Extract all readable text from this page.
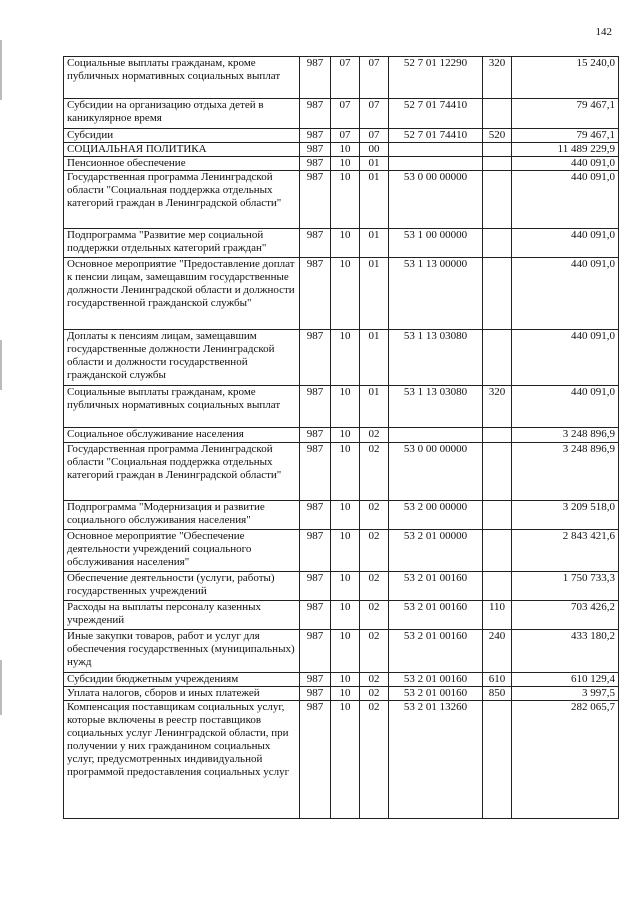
142
Социальные выплаты гражданам, кроме публичных нормативных социальных выплат	987	07	07	52 7 01 12290	320	15 240,0
Субсидии на организацию отдыха детей в каникулярное время	987	07	07	52 7 01 74410		79 467,1
Субсидии	987	07	07	52 7 01 74410	520	79 467,1
СОЦИАЛЬНАЯ ПОЛИТИКА	987	10	00			11 489 229,9
Пенсионное обеспечение	987	10	01			440 091,0
Государственная программа Ленинградской области "Социальная поддержка отдельных категорий граждан в Ленинградской области"	987	10	01	53 0 00 00000		440 091,0
Подпрограмма "Развитие мер социальной поддержки отдельных категорий граждан"	987	10	01	53 1 00 00000		440 091,0
Основное мероприятие "Предоставление доплат к пенсии лицам, замещавшим государственные должности Ленинградской области и должности государственной гражданской службы"	987	10	01	53 1 13 00000		440 091,0
Доплаты к пенсиям лицам, замещавшим государственные должности Ленинградской области и должности государственной гражданской службы	987	10	01	53 1 13 03080		440 091,0
Социальные выплаты гражданам, кроме публичных нормативных социальных выплат	987	10	01	53 1 13 03080	320	440 091,0
Социальное обслуживание населения	987	10	02			3 248 896,9
Государственная программа Ленинградской области "Социальная поддержка отдельных категорий граждан в Ленинградской области"	987	10	02	53 0 00 00000		3 248 896,9
Подпрограмма "Модернизация и развитие социального обслуживания населения"	987	10	02	53 2 00 00000		3 209 518,0
Основное мероприятие "Обеспечение деятельности учреждений социального обслуживания населения"	987	10	02	53 2 01 00000		2 843 421,6
Обеспечение деятельности (услуги, работы) государственных учреждений	987	10	02	53 2 01 00160		1 750 733,3
Расходы на выплаты персоналу казенных учреждений	987	10	02	53 2 01 00160	110	703 426,2
Иные закупки товаров, работ и услуг для обеспечения государственных (муниципальных) нужд	987	10	02	53 2 01 00160	240	433 180,2
Субсидии бюджетным учреждениям	987	10	02	53 2 01 00160	610	610 129,4
Уплата налогов, сборов и иных платежей	987	10	02	53 2 01 00160	850	3 997,5
Компенсация поставщикам социальных услуг, которые включены в реестр поставщиков социальных услуг Ленинградской области, при получении у них гражданином социальных услуг, предусмотренных индивидуальной программой предоставления социальных услуг	987	10	02	53 2 01 13260		282 065,7
